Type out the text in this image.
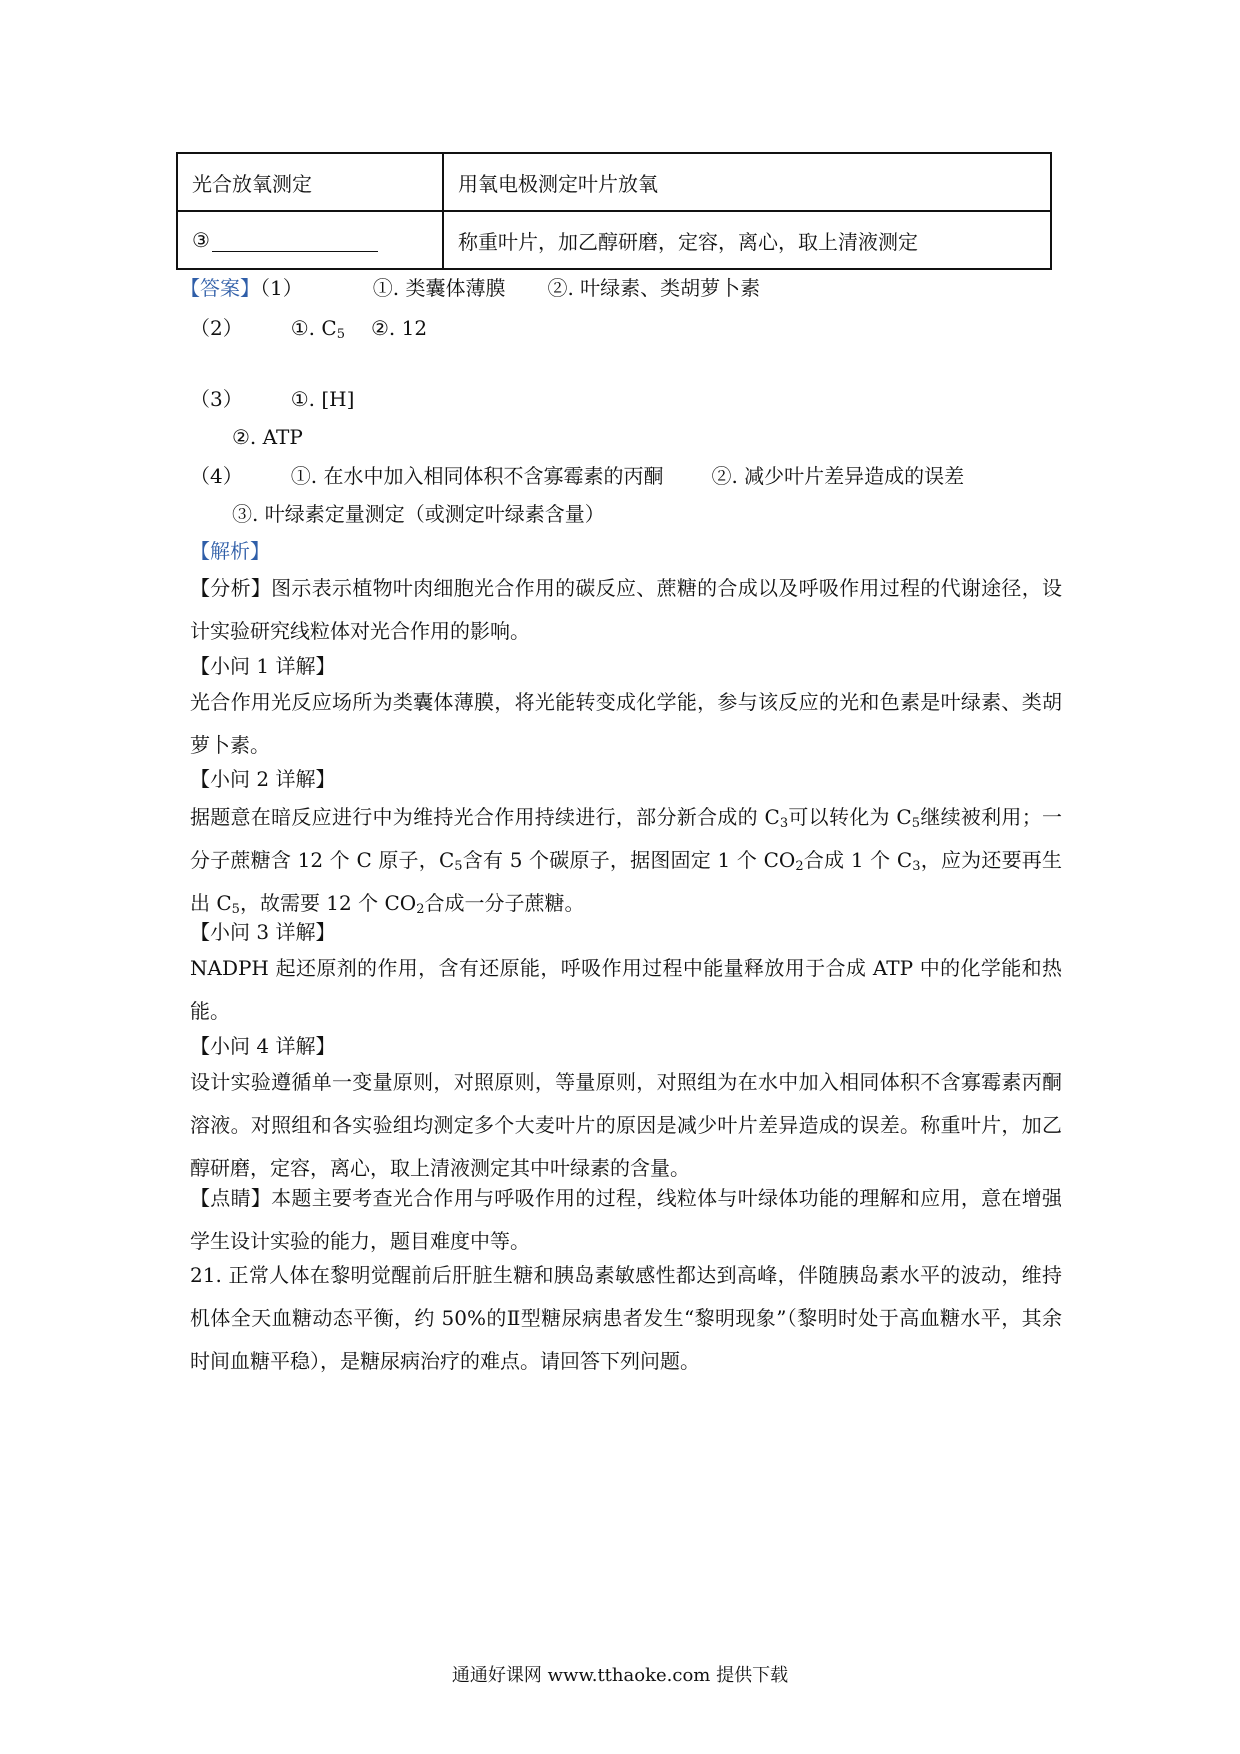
光合放氧测定	用氧电极测定叶片放氧
③	称重叶片，加乙醇研磨，定容，离心，取上清液测定
【答案】（1）	①. 类囊体薄膜 ②. 叶绿素、类胡萝卜素
（2） ①. $C_5$ ②. 12
（3） ①. [H]
②. ATP
（4） ①. 在水中加入相同体积不含寡霉素的丙酮 ②. 减少叶片差异造成的误差
③. 叶绿素定量测定（或测定叶绿素含量）
【解析】
【分析】图示表示植物叶肉细胞光合作用的碳反应、蔗糖的合成以及呼吸作用过程的代谢途径，设计实验研究线粒体对光合作用的影响。
【小问 1 详解】
光合作用光反应场所为类囊体薄膜，将光能转变成化学能，参与该反应的光和色素是叶绿素、类胡萝卜素。
【小问 2 详解】
据题意在暗反应进行中为维持光合作用持续进行，部分新合成的 $C_3$可以转化为 $C_5$继续被利用；一分子蔗糖含 12 个 C 原子，$C_5$含有 5 个碳原子，据图固定 1 个 $CO_2$合成 1 个 $C_3$，应为还要再生出 $C_5$，故需要 12 个 $CO_2$合成一分子蔗糖。
【小问 3 详解】
NADPH 起还原剂的作用，含有还原能，呼吸作用过程中能量释放用于合成 ATP 中的化学能和热能。
【小问 4 详解】
设计实验遵循单一变量原则，对照原则，等量原则，对照组为在水中加入相同体积不含寡霉素丙酮溶液。对照组和各实验组均测定多个大麦叶片的原因是减少叶片差异造成的误差。称重叶片，加乙醇研磨，定容，离心，取上清液测定其中叶绿素的含量。
【点睛】本题主要考查光合作用与呼吸作用的过程，线粒体与叶绿体功能的理解和应用，意在增强学生设计实验的能力，题目难度中等。
21. 正常人体在黎明觉醒前后肝脏生糖和胰岛素敏感性都达到高峰，伴随胰岛素水平的波动，维持机体全天血糖动态平衡，约 50%的Ⅱ型糖尿病患者发生“黎明现象”（黎明时处于高血糖水平，其余时间血糖平稳），是糖尿病治疗的难点。请回答下列问题。
通通好课网 www.tthaoke.com 提供下载
